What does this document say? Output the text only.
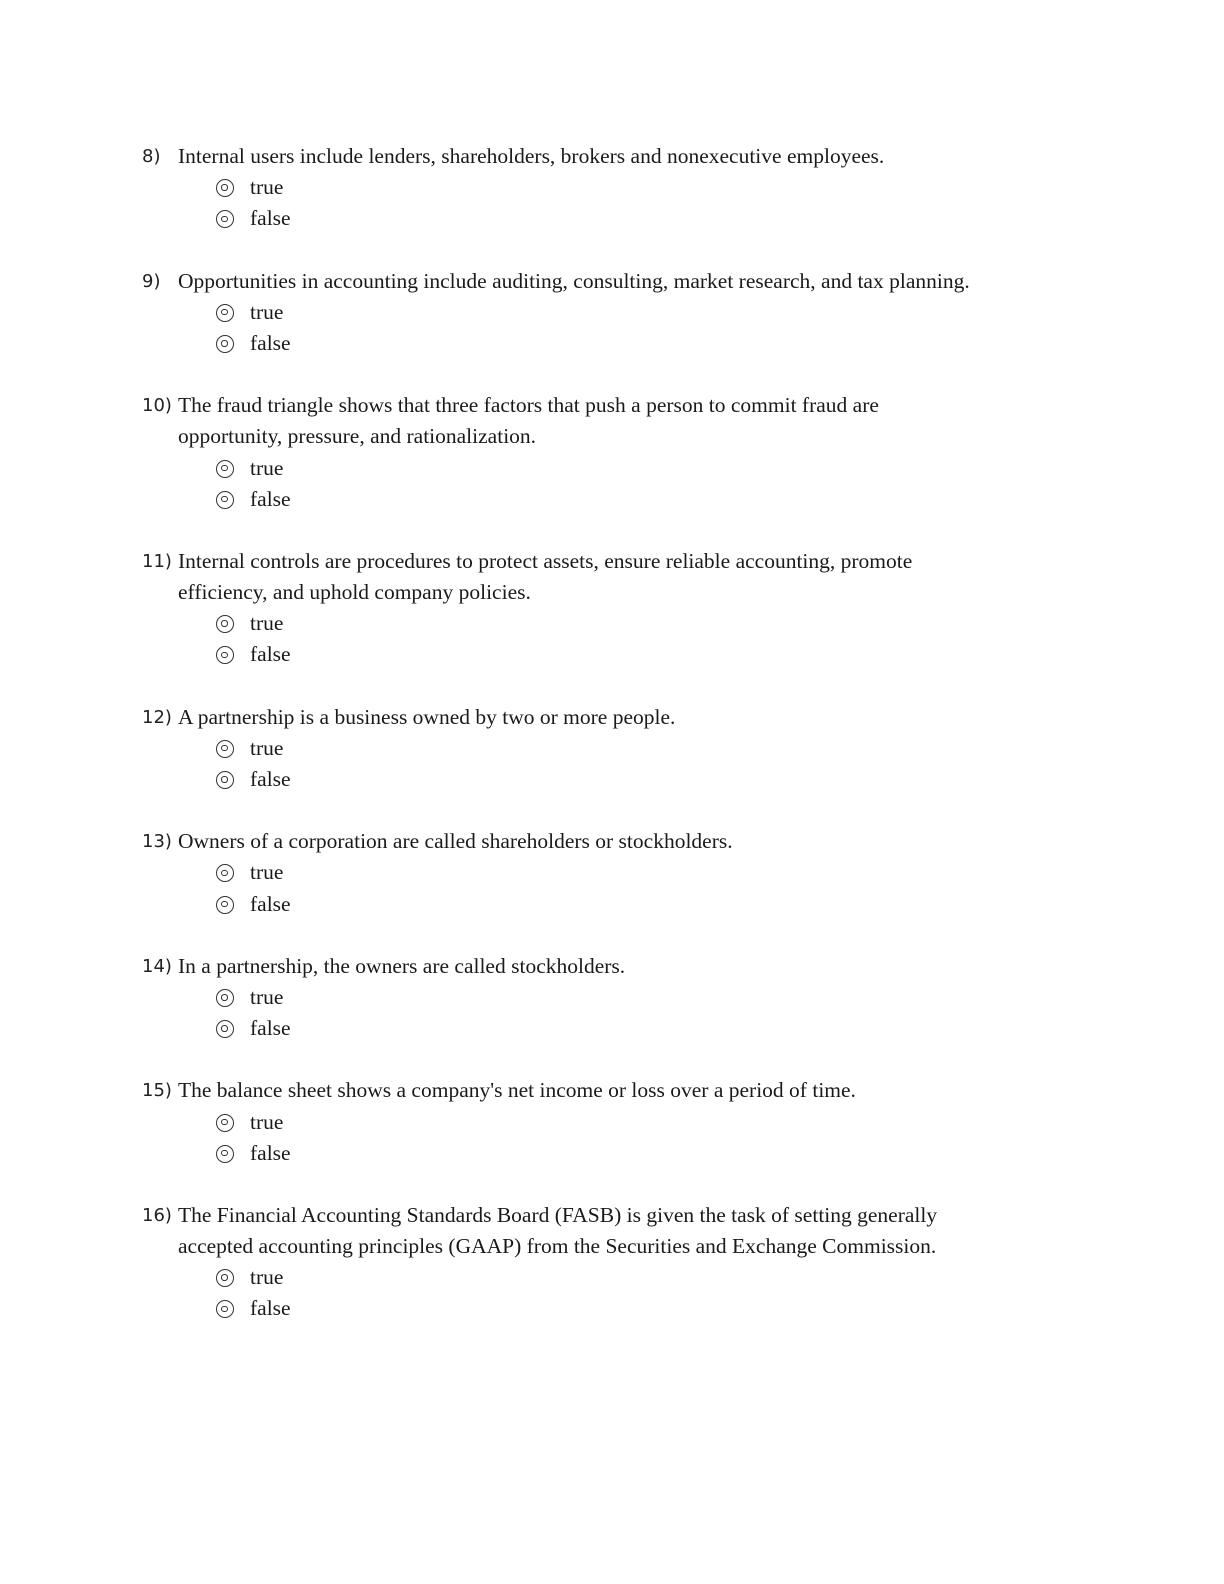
8) Internal users include lenders, shareholders, brokers and nonexecutive employees.
true
false
9) Opportunities in accounting include auditing, consulting, market research, and tax planning.
true
false
10) The fraud triangle shows that three factors that push a person to commit fraud are
opportunity, pressure, and rationalization.
true
false
11) Internal controls are procedures to protect assets, ensure reliable accounting, promote
efficiency, and uphold company policies.
true
false
12) A partnership is a business owned by two or more people.
true
false
13) Owners of a corporation are called shareholders or stockholders.
true
false
14) In a partnership, the owners are called stockholders.
true
false
15) The balance sheet shows a company's net income or loss over a period of time.
true
false
16) The Financial Accounting Standards Board (FASB) is given the task of setting generally
accepted accounting principles (GAAP) from the Securities and Exchange Commission.
true
false
